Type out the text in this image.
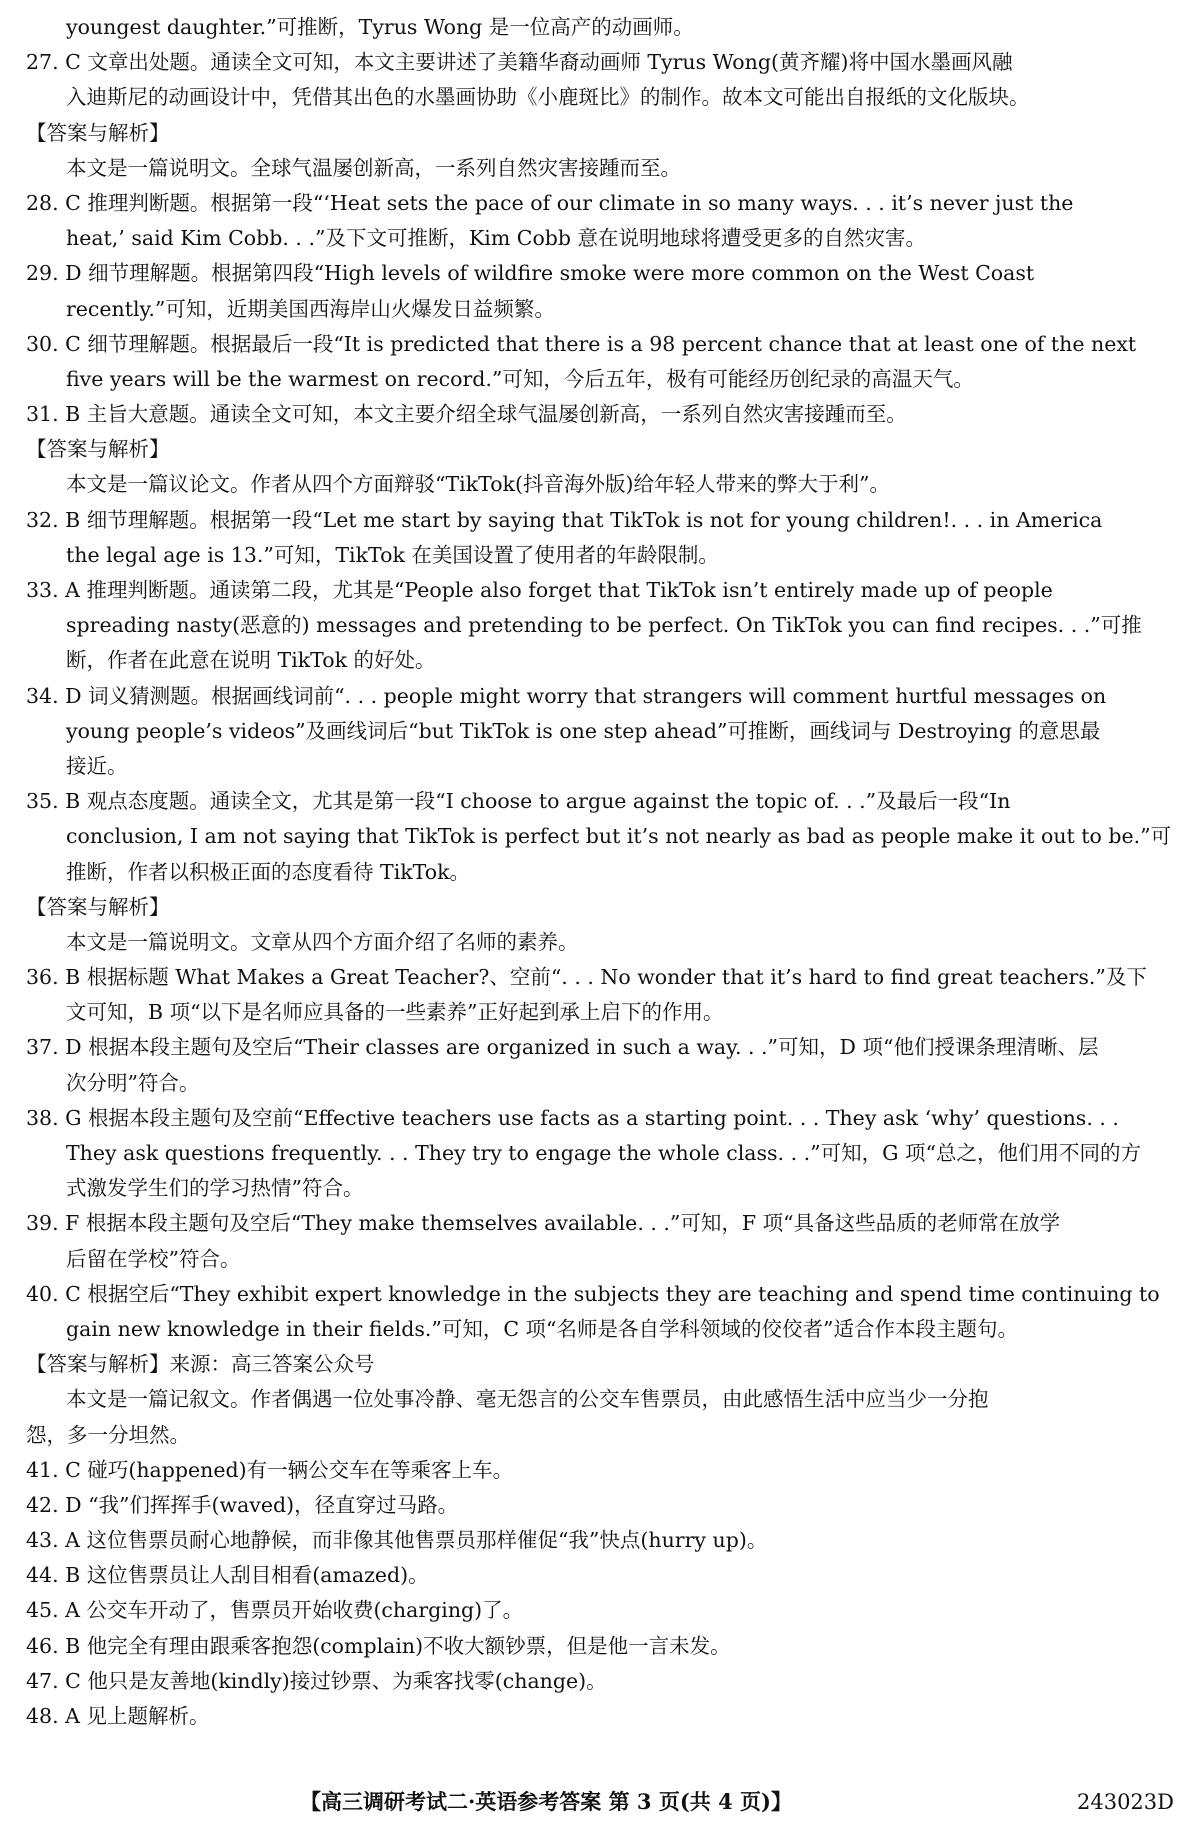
youngest daughter.”可推断，Tyrus Wong 是一位高产的动画师。
27. C 文章出处题。通读全文可知，本文主要讲述了美籍华裔动画师 Tyrus Wong(黄齐耀)将中国水墨画风融
入迪斯尼的动画设计中，凭借其出色的水墨画协助《小鹿斑比》的制作。故本文可能出自报纸的文化版块。
【答案与解析】
本文是一篇说明文。全球气温屡创新高，一系列自然灾害接踵而至。
28. C 推理判断题。根据第一段“‘Heat sets the pace of our climate in so many ways. . . it’s never just the
heat,’ said Kim Cobb. . .”及下文可推断，Kim Cobb 意在说明地球将遭受更多的自然灾害。
29. D 细节理解题。根据第四段“High levels of wildfire smoke were more common on the West Coast
recently.”可知，近期美国西海岸山火爆发日益频繁。
30. C 细节理解题。根据最后一段“It is predicted that there is a 98 percent chance that at least one of the next
five years will be the warmest on record.”可知，今后五年，极有可能经历创纪录的高温天气。
31. B 主旨大意题。通读全文可知，本文主要介绍全球气温屡创新高，一系列自然灾害接踵而至。
【答案与解析】
本文是一篇议论文。作者从四个方面辩驳“TikTok(抖音海外版)给年轻人带来的弊大于利”。
32. B 细节理解题。根据第一段“Let me start by saying that TikTok is not for young children!. . . in America
the legal age is 13.”可知，TikTok 在美国设置了使用者的年龄限制。
33. A 推理判断题。通读第二段，尤其是“People also forget that TikTok isn’t entirely made up of people
spreading nasty(恶意的) messages and pretending to be perfect. On TikTok you can find recipes. . .”可推
断，作者在此意在说明 TikTok 的好处。
34. D 词义猜测题。根据画线词前“. . . people might worry that strangers will comment hurtful messages on
young people’s videos”及画线词后“but TikTok is one step ahead”可推断，画线词与 Destroying 的意思最
接近。
35. B 观点态度题。通读全文，尤其是第一段“I choose to argue against the topic of. . .”及最后一段“In
conclusion, I am not saying that TikTok is perfect but it’s not nearly as bad as people make it out to be.”可
推断，作者以积极正面的态度看待 TikTok。
【答案与解析】
本文是一篇说明文。文章从四个方面介绍了名师的素养。
36. B 根据标题 What Makes a Great Teacher?、空前“. . . No wonder that it’s hard to find great teachers.”及下
文可知，B 项“以下是名师应具备的一些素养”正好起到承上启下的作用。
37. D 根据本段主题句及空后“Their classes are organized in such a way. . .”可知，D 项“他们授课条理清晰、层
次分明”符合。
38. G 根据本段主题句及空前“Effective teachers use facts as a starting point. . . They ask ‘why’ questions. . .
They ask questions frequently. . . They try to engage the whole class. . .”可知，G 项“总之，他们用不同的方
式激发学生们的学习热情”符合。
39. F 根据本段主题句及空后“They make themselves available. . .”可知，F 项“具备这些品质的老师常在放学
后留在学校”符合。
40. C 根据空后“They exhibit expert knowledge in the subjects they are teaching and spend time continuing to
gain new knowledge in their fields.”可知，C 项“名师是各自学科领域的佼佼者”适合作本段主题句。
【答案与解析】来源：高三答案公众号
本文是一篇记叙文。作者偶遇一位处事冷静、毫无怨言的公交车售票员，由此感悟生活中应当少一分抱
怨，多一分坦然。
41. C 碰巧(happened)有一辆公交车在等乘客上车。
42. D “我”们挥挥手(waved)，径直穿过马路。
43. A 这位售票员耐心地静候，而非像其他售票员那样催促“我”快点(hurry up)。
44. B 这位售票员让人刮目相看(amazed)。
45. A 公交车开动了，售票员开始收费(charging)了。
46. B 他完全有理由跟乘客抱怨(complain)不收大额钞票，但是他一言未发。
47. C 他只是友善地(kindly)接过钞票、为乘客找零(change)。
48. A 见上题解析。
【高三调研考试二·英语参考答案 第 3 页(共 4 页)】	243023D
